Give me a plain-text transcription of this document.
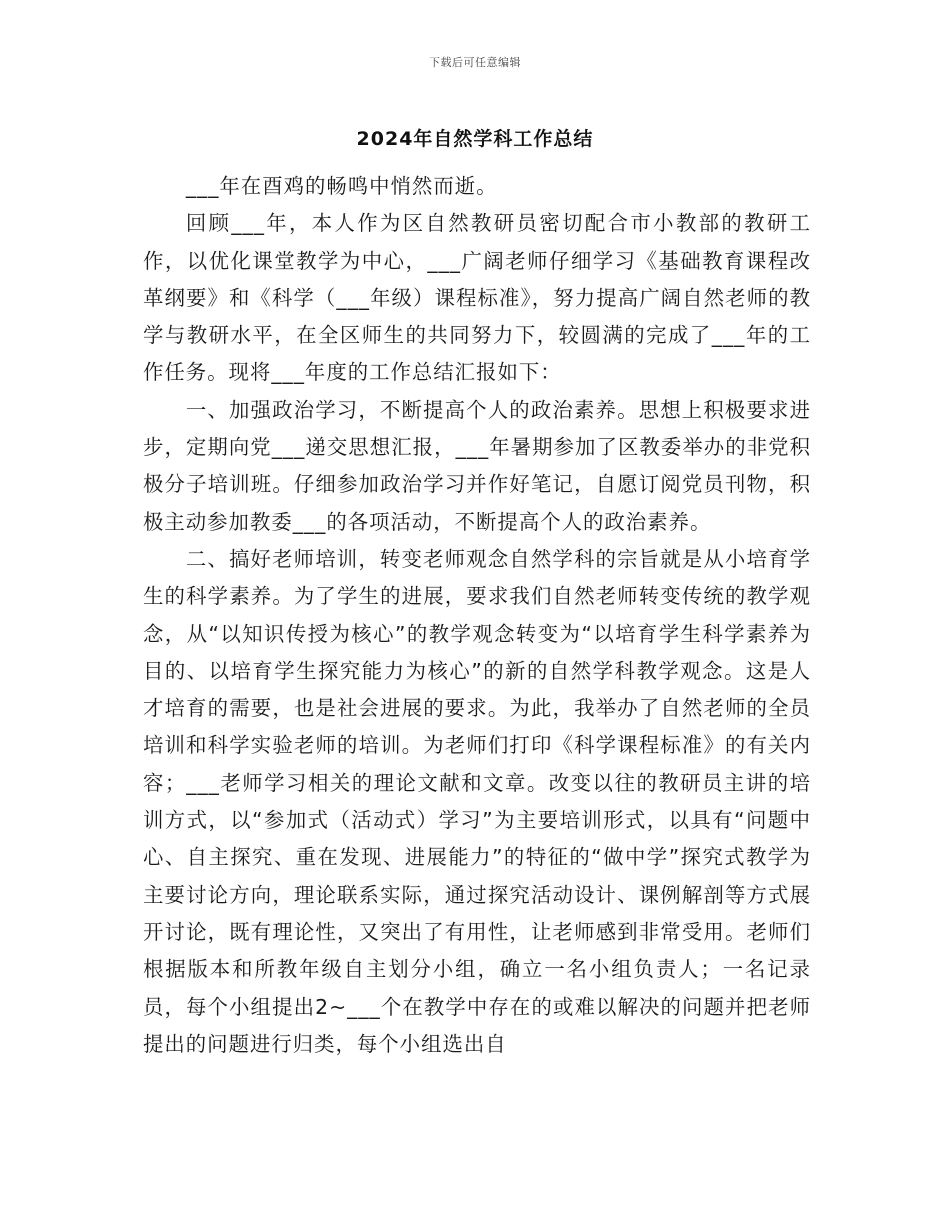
下载后可任意编辑
2024年自然学科工作总结

___年在酉鸡的畅鸣中悄然而逝。

回顾___年，本人作为区自然教研员密切配合市小教部的教研工作，以优化课堂教学为中心，___广阔老师仔细学习《基础教育课程改革纲要》和《科学（___年级）课程标准》，努力提高广阔自然老师的教学与教研水平，在全区师生的共同努力下，较圆满的完成了___年的工作任务。现将___年度的工作总结汇报如下：

一、加强政治学习，不断提高个人的政治素养。思想上积极要求进步，定期向党___递交思想汇报，___年暑期参加了区教委举办的非党积极分子培训班。仔细参加政治学习并作好笔记，自愿订阅党员刊物，积极主动参加教委___的各项活动，不断提高个人的政治素养。

二、搞好老师培训，转变老师观念自然学科的宗旨就是从小培育学生的科学素养。为了学生的进展，要求我们自然老师转变传统的教学观念，从“以知识传授为核心”的教学观念转变为“以培育学生科学素养为目的、以培育学生探究能力为核心”的新的自然学科教学观念。这是人才培育的需要，也是社会进展的要求。为此，我举办了自然老师的全员培训和科学实验老师的培训。为老师们打印《科学课程标准》的有关内容；___老师学习相关的理论文献和文章。改变以往的教研员主讲的培训方式，以“参加式（活动式）学习”为主要培训形式，以具有“问题中心、自主探究、重在发现、进展能力”的特征的“做中学”探究式教学为主要讨论方向，理论联系实际，通过探究活动设计、课例解剖等方式展开讨论，既有理论性，又突出了有用性，让老师感到非常受用。老师们根据版本和所教年级自主划分小组，确立一名小组负责人；一名记录员，每个小组提出2~___个在教学中存在的或难以解决的问题并把老师提出的问题进行归类，每个小组选出自
